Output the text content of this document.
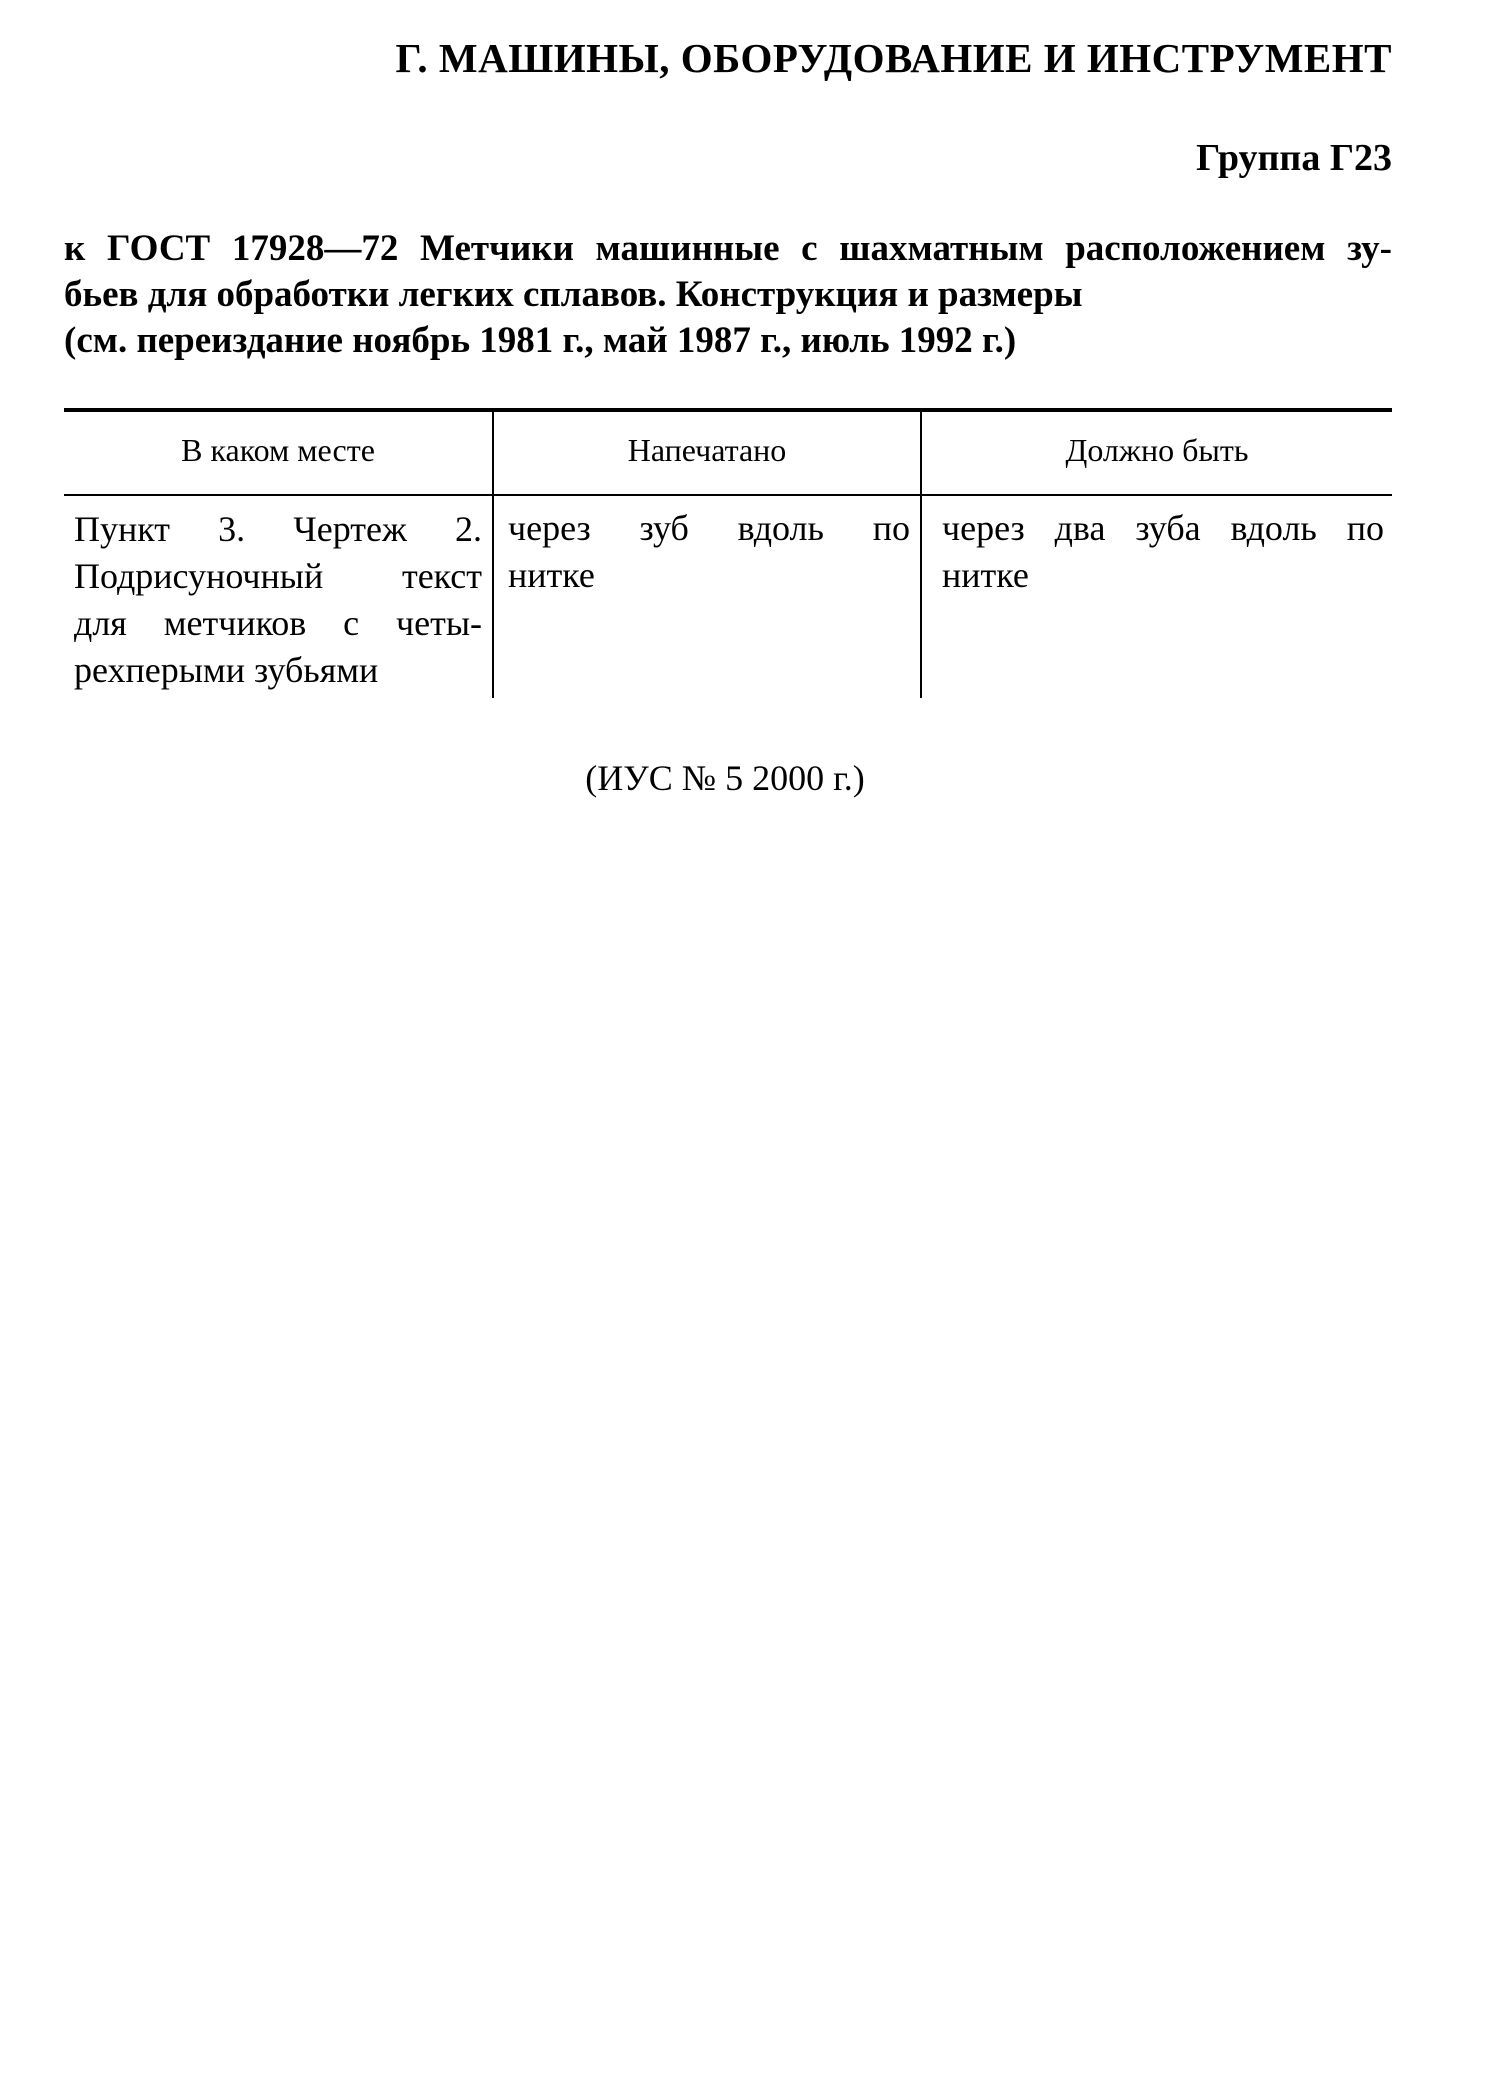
Г. МАШИНЫ, ОБОРУДОВАНИЕ И ИНСТРУМЕНТ
Группа Г23
к ГОСТ 17928—72 Метчики машинные с шахматным расположением зу-
бьев для обработки легких сплавов. Конструкция и размеры
(см. переиздание ноябрь 1981 г., май 1987 г., июль 1992 г.)
В каком месте	Напечатано	Должно быть
Пункт 3. Чертеж 2.
Подрисуночный текст
для метчиков с четы-
рехперыми зубьями
через зуб вдоль по
нитке
через два зуба вдоль по
нитке
(ИУС № 5 2000 г.)
